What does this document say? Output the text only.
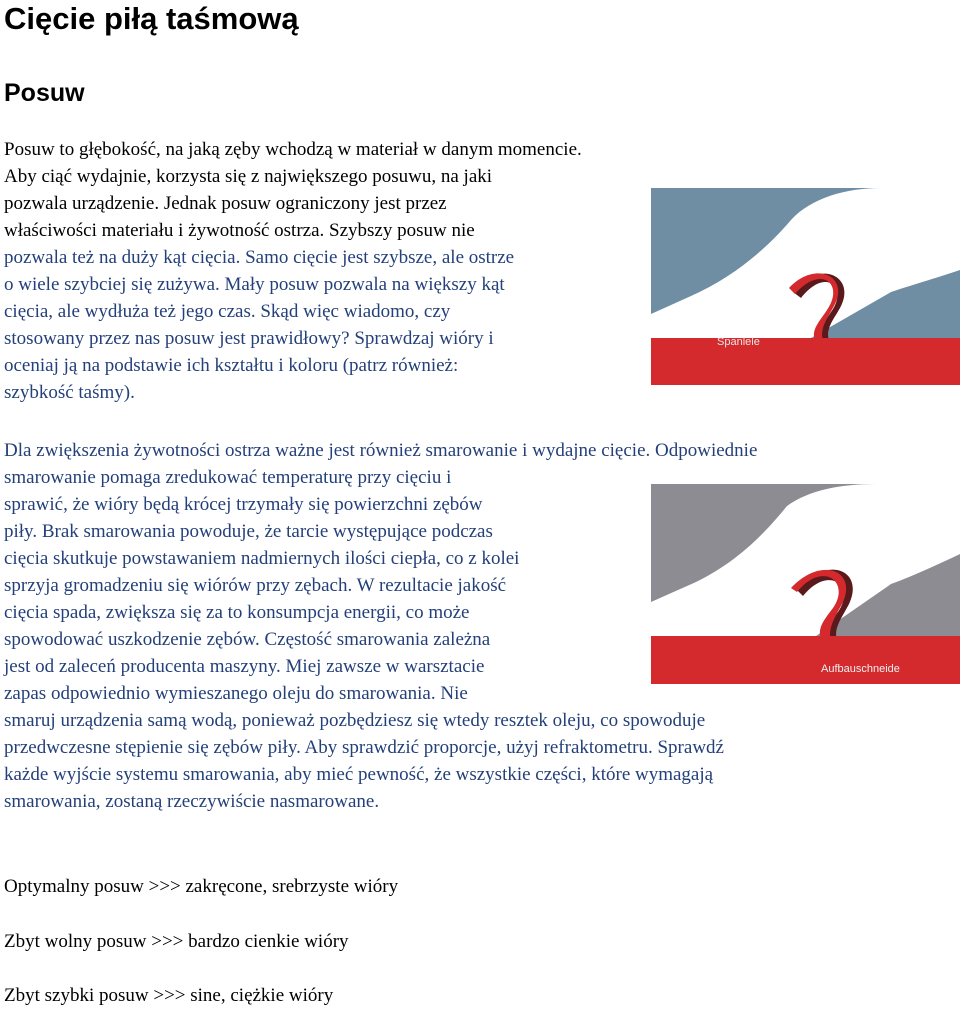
Cięcie piłą taśmową
Posuw
Posuw to głębokość, na jaką zęby wchodzą w materiał w danym momencie.
Aby ciąć wydajnie, korzysta się z największego posuwu, na jaki
pozwala urządzenie. Jednak posuw ograniczony jest przez
właściwości materiału i żywotność ostrza. Szybszy posuw nie
pozwala też na duży kąt cięcia. Samo cięcie jest szybsze, ale ostrze
o wiele szybciej się zużywa. Mały posuw pozwala na większy kąt
cięcia, ale wydłuża też jego czas. Skąd więc wiadomo, czy
stosowany przez nas posuw jest prawidłowy? Sprawdzaj wióry i
oceniaj ją na podstawie ich kształtu i koloru (patrz również:
szybkość taśmy).
Spanlele
Aufbauschneide
Dla zwiększenia żywotności ostrza ważne jest również smarowanie i wydajne cięcie. Odpowiednie
smarowanie pomaga zredukować temperaturę przy cięciu i
sprawić, że wióry będą krócej trzymały się powierzchni zębów
piły. Brak smarowania powoduje, że tarcie występujące podczas
cięcia skutkuje powstawaniem nadmiernych ilości ciepła, co z kolei
sprzyja gromadzeniu się wiórów przy zębach. W rezultacie jakość
cięcia spada, zwiększa się za to konsumpcja energii, co może
spowodować uszkodzenie zębów. Częstość smarowania zależna
jest od zaleceń producenta maszyny. Miej zawsze w warsztacie
zapas odpowiednio wymieszanego oleju do smarowania. Nie
smaruj urządzenia samą wodą, ponieważ pozbędziesz się wtedy resztek oleju, co spowoduje
przedwczesne stępienie się zębów piły. Aby sprawdzić proporcje, użyj refraktometru. Sprawdź
każde wyjście systemu smarowania, aby mieć pewność, że wszystkie części, które wymagają
smarowania, zostaną rzeczywiście nasmarowane.

Optymalny posuw >>> zakręcone, srebrzyste wióry

Zbyt wolny posuw >>> bardzo cienkie wióry

Zbyt szybki posuw >>> sine, ciężkie wióry
